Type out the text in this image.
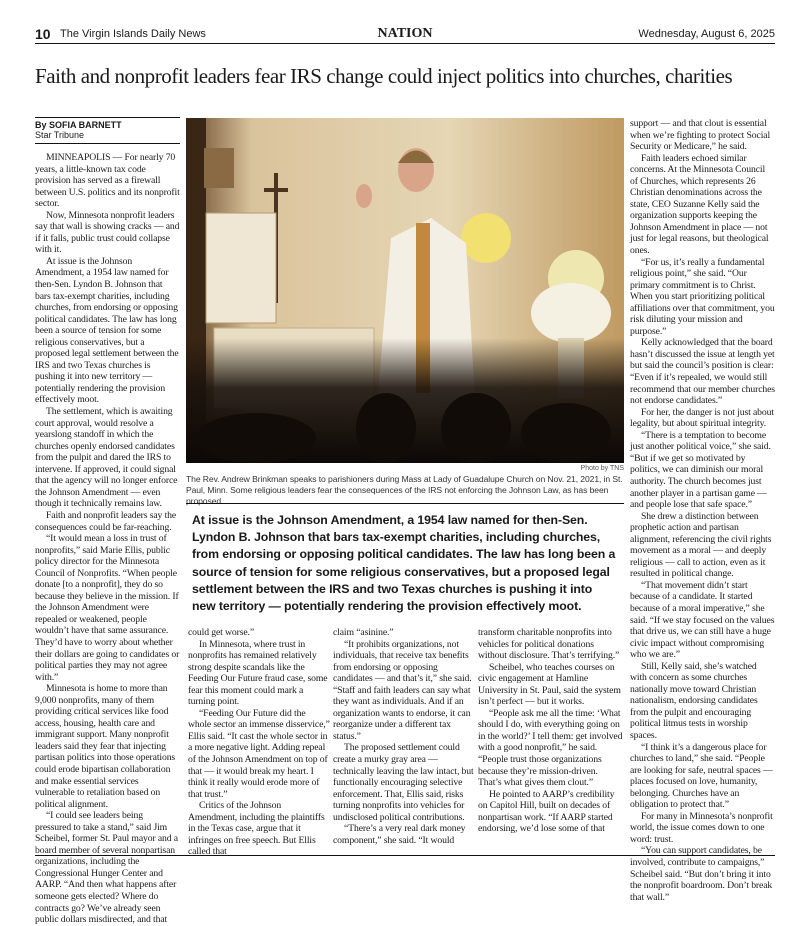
10 The Virgin Islands Daily News	NATION	Wednesday, August 6, 2025
Faith and nonprofit leaders fear IRS change could inject politics into churches, charities
By SOFIA BARNETT
Star Tribune

MINNEAPOLIS — For nearly 70 years, a little-known tax code provision has served as a firewall between U.S. politics and its nonprofit sector.

Now, Minnesota nonprofit leaders say that wall is showing cracks — and if it falls, public trust could collapse with it.

At issue is the Johnson Amendment, a 1954 law named for then-Sen. Lyndon B. Johnson that bars tax-exempt charities, including churches, from endorsing or opposing political candidates. The law has long been a source of tension for some religious conservatives, but a proposed legal settlement between the IRS and two Texas churches is pushing it into new territory — potentially rendering the provision effectively moot.

The settlement, which is awaiting court approval, would resolve a yearslong standoff in which the churches openly endorsed candidates from the pulpit and dared the IRS to intervene. If approved, it could signal that the agency will no longer enforce the Johnson Amendment — even though it technically remains law.

Faith and nonprofit leaders say the consequences could be far-reaching.

“It would mean a loss in trust of nonprofits,” said Marie Ellis, public policy director for the Minnesota Council of Nonprofits. “When people donate [to a nonprofit], they do so because they believe in the mission. If the Johnson Amendment were repealed or weakened, people wouldn’t have that same assurance. They’d have to worry about whether their dollars are going to candidates or political parties they may not agree with.”

Minnesota is home to more than 9,000 nonprofits, many of them providing critical services like food access, housing, health care and immigrant support. Many nonprofit leaders said they fear that injecting partisan politics into those operations could erode bipartisan collaboration and make essential services vulnerable to retaliation based on political alignment.

“I could see leaders being pressured to take a stand,” said Jim Scheibel, former St. Paul mayor and a board member of several nonpartisan organizations, including the Congressional Hunger Center and AARP. “And then what happens after someone gets elected? Where do contracts go? We’ve already seen public dollars misdirected, and that

Photo by TNS
The Rev. Andrew Brinkman speaks to parishioners during Mass at Lady of Guadalupe Church on Nov. 21, 2021, in St. Paul, Minn. Some religious leaders fear the consequences of the IRS not enforcing the Johnson Law, as has been proposed.
At issue is the Johnson Amendment, a 1954 law named for then-Sen. Lyndon B. Johnson that bars tax-exempt charities, including churches, from endorsing or opposing political candidates. The law has long been a source of tension for some religious conservatives, but a proposed legal settlement between the IRS and two Texas churches is pushing it into new territory — potentially rendering the provision effectively moot.

could get worse.”

In Minnesota, where trust in nonprofits has remained relatively strong despite scandals like the Feeding Our Future fraud case, some fear this moment could mark a turning point.

“Feeding Our Future did the whole sector an immense disservice,” Ellis said. “It cast the whole sector in a more negative light. Adding repeal of the Johnson Amendment on top of that — it would break my heart. I think it really would erode more of that trust.”

Critics of the Johnson Amendment, including the plaintiffs in the Texas case, argue that it infringes on free speech. But Ellis called that

claim “asinine.”

“It prohibits organizations, not individuals, that receive tax benefits from endorsing or opposing candidates — and that’s it,” she said. “Staff and faith leaders can say what they want as individuals. And if an organization wants to endorse, it can reorganize under a different tax status.”

The proposed settlement could create a murky gray area — technically leaving the law intact, but functionally encouraging selective enforcement. That, Ellis said, risks turning nonprofits into vehicles for undisclosed political contributions.

“There’s a very real dark money component,” she said. “It would

transform charitable nonprofits into vehicles for political donations without disclosure. That’s terrifying.”

Scheibel, who teaches courses on civic engagement at Hamline University in St. Paul, said the system isn’t perfect — but it works.

“People ask me all the time: ‘What should I do, with everything going on in the world?’ I tell them: get involved with a good nonprofit,” he said. “People trust those organizations because they’re mission-driven. That’s what gives them clout.”

He pointed to AARP’s credibility on Capitol Hill, built on decades of nonpartisan work. “If AARP started endorsing, we’d lose some of that

support — and that clout is essential when we’re fighting to protect Social Security or Medicare,” he said.

Faith leaders echoed similar concerns. At the Minnesota Council of Churches, which represents 26 Christian denominations across the state, CEO Suzanne Kelly said the organization supports keeping the Johnson Amendment in place — not just for legal reasons, but theological ones.

“For us, it’s really a fundamental religious point,” she said. “Our primary commitment is to Christ. When you start prioritizing political affiliations over that commitment, you risk diluting your mission and purpose.”

Kelly acknowledged that the board hasn’t discussed the issue at length yet but said the council’s position is clear: “Even if it’s repealed, we would still recommend that our member churches not endorse candidates.”

For her, the danger is not just about legality, but about spiritual integrity.

“There is a temptation to become just another political voice,” she said. “But if we get so motivated by politics, we can diminish our moral authority. The church becomes just another player in a partisan game — and people lose that safe space.”

She drew a distinction between prophetic action and partisan alignment, referencing the civil rights movement as a moral — and deeply religious — call to action, even as it resulted in political change.

“That movement didn’t start because of a candidate. It started because of a moral imperative,” she said. “If we stay focused on the values that drive us, we can still have a huge civic impact without compromising who we are.”

Still, Kelly said, she’s watched with concern as some churches nationally move toward Christian nationalism, endorsing candidates from the pulpit and encouraging political litmus tests in worship spaces.

“I think it’s a dangerous place for churches to land,” she said. “People are looking for safe, neutral spaces — places focused on love, humanity, belonging. Churches have an obligation to protect that.”

For many in Minnesota’s nonprofit world, the issue comes down to one word: trust.

“You can support candidates, be involved, contribute to campaigns,” Scheibel said. “But don’t bring it into the nonprofit boardroom. Don’t break that wall.”
